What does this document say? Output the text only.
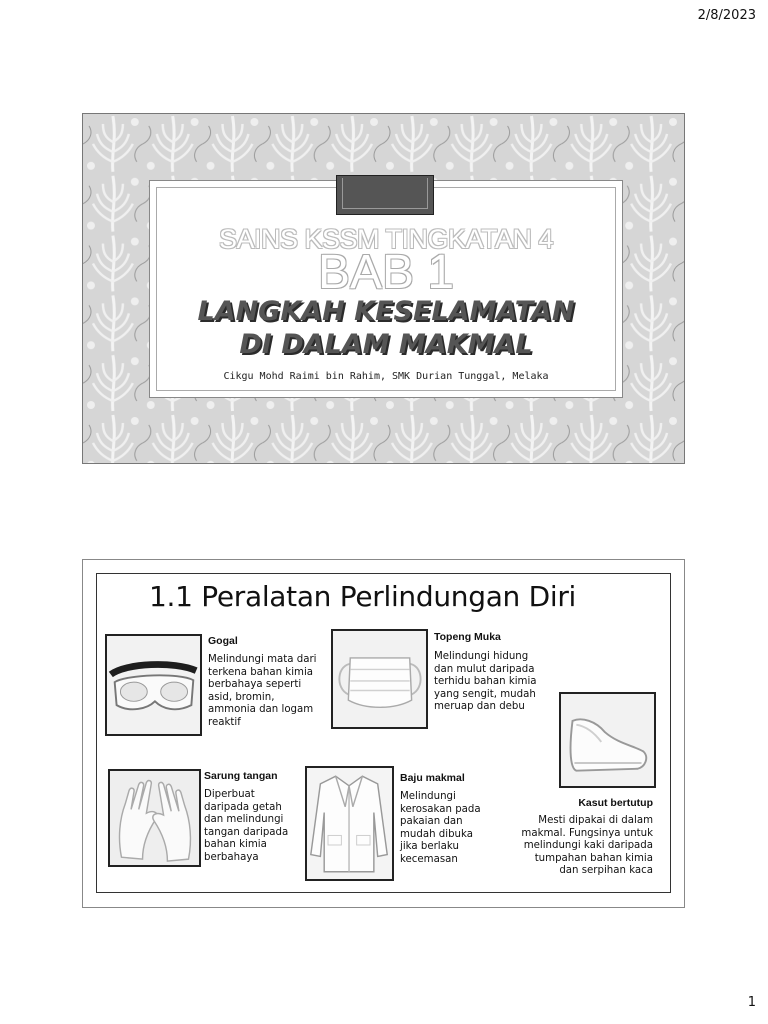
2/8/2023
SAINS KSSM TINGKATAN 4
BAB 1
LANGKAH KESELAMATAN
DI DALAM MAKMAL
Cikgu Mohd Raimi bin Rahim, SMK Durian Tunggal, Melaka
1.1 Peralatan Perlindungan Diri
Gogal
Melindungi mata dari
terkena bahan kimia
berbahaya seperti
asid, bromin,
ammonia dan logam
reaktif
Topeng Muka
Melindungi hidung
dan mulut daripada
terhidu bahan kimia
yang sengit, mudah
meruap dan debu
Sarung tangan
Diperbuat
daripada getah
dan melindungi
tangan daripada
bahan kimia
berbahaya
Baju makmal
Melindungi
kerosakan pada
pakaian dan
mudah dibuka
jika berlaku
kecemasan
Kasut bertutup
Mesti dipakai di dalam
makmal. Fungsinya untuk
melindungi kaki daripada
tumpahan bahan kimia
dan serpihan kaca
1
